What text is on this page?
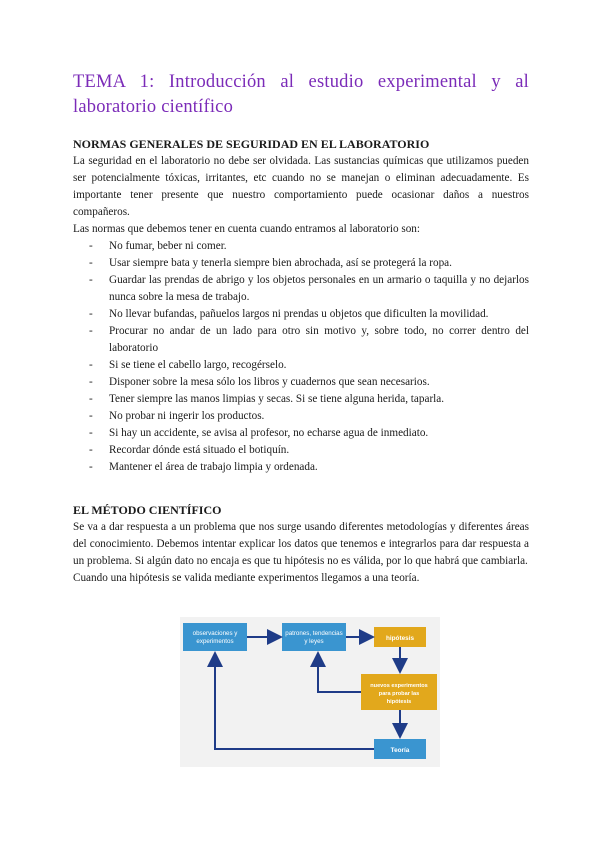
TEMA 1: Introducción al estudio experimental y al laboratorio científico

NORMAS GENERALES DE SEGURIDAD EN EL LABORATORIO

La seguridad en el laboratorio no debe ser olvidada. Las sustancias químicas que utilizamos pueden ser potencialmente tóxicas, irritantes, etc cuando no se manejan o eliminan adecuadamente. Es importante tener presente que nuestro comportamiento puede ocasionar daños a nuestros compañeros.

Las normas que debemos tener en cuenta cuando entramos al laboratorio son:

- No fumar, beber ni comer.
- Usar siempre bata y tenerla siempre bien abrochada, así se protegerá la ropa.
- Guardar las prendas de abrigo y los objetos personales en un armario o taquilla y no dejarlos nunca sobre la mesa de trabajo.
- No llevar bufandas, pañuelos largos ni prendas u objetos que dificulten la movilidad.
- Procurar no andar de un lado para otro sin motivo y, sobre todo, no correr dentro del laboratorio
- Si se tiene el cabello largo, recogérselo.
- Disponer sobre la mesa sólo los libros y cuadernos que sean necesarios.
- Tener siempre las manos limpias y secas. Si se tiene alguna herida, taparla.
- No probar ni ingerir los productos.
- Si hay un accidente, se avisa al profesor, no echarse agua de inmediato.
- Recordar dónde está situado el botiquín.
- Mantener el área de trabajo limpia y ordenada.

EL MÉTODO CIENTÍFICO

Se va a dar respuesta a un problema que nos surge usando diferentes metodologías y diferentes áreas del conocimiento. Debemos intentar explicar los datos que tenemos e integrarlos para dar respuesta a un problema. Si algún dato no encaja es que tu hipótesis no es válida, por lo que habrá que cambiarla.

Cuando una hipótesis se valida mediante experimentos llegamos a una teoría.

observaciones y
experimentos
patrones, tendencias
y leyes	hipótesis
nuevos experimentos
para probar las
hipótesis
Teoría
